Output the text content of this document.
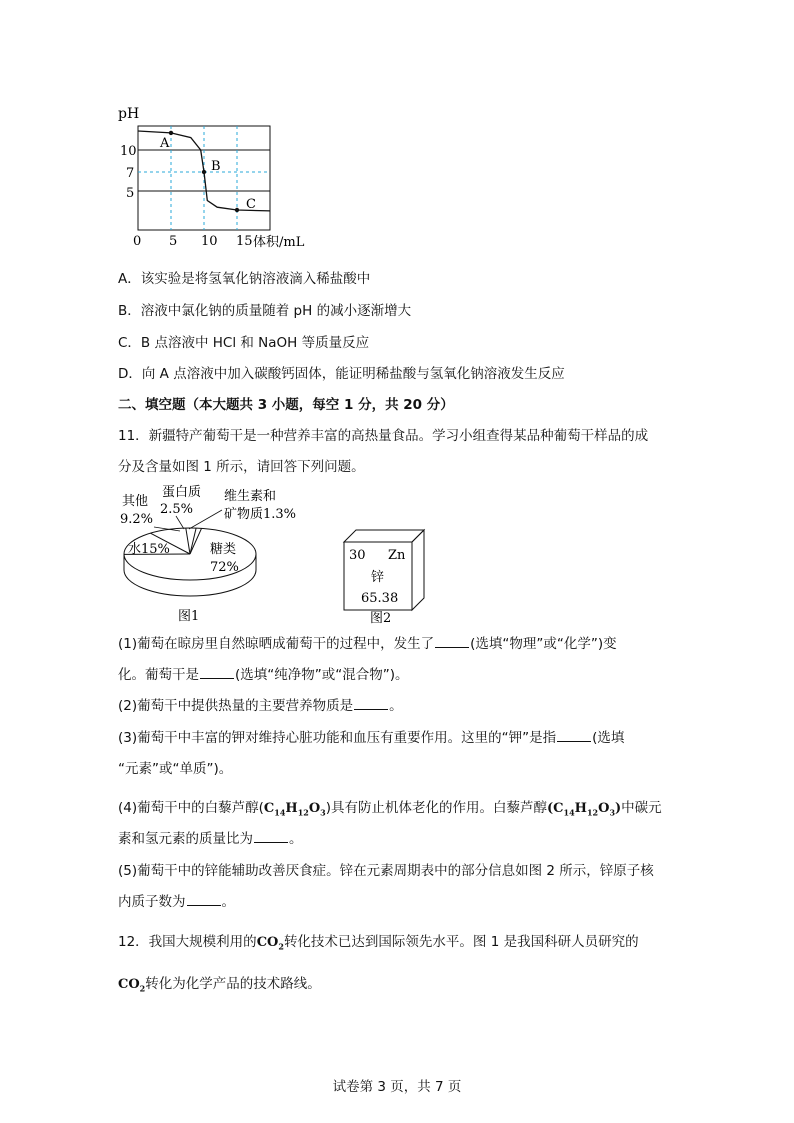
pH
10
7
5
0 5 10 15 体积/mL
A
B
C
A．该实验是将氢氧化钠溶液滴入稀盐酸中
B．溶液中氯化钠的质量随着 pH 的减小逐渐增大
C．B 点溶液中 HCl 和 NaOH 等质量反应
D．向 A 点溶液中加入碳酸钙固体，能证明稀盐酸与氢氧化钠溶液发生反应
二、填空题（本大题共 3 小题，每空 1 分，共 20 分）
11．新疆特产葡萄干是一种营养丰富的高热量食品。学习小组查得某品种葡萄干样品的成
分及含量如图 1 所示，请回答下列问题。
其他
9.2%
蛋白质
2.5%
维生素和
矿物质1.3%
水15%	糖类
72%
图1
30 Zn
锌
65.38
图2
(1)葡萄在晾房里自然晾晒成葡萄干的过程中，发生了	(选填“物理”或“化学”)变
化。葡萄干是	(选填“纯净物”或“混合物”)。
(2)葡萄干中提供热量的主要营养物质是	。
(3)葡萄干中丰富的钾对维持心脏功能和血压有重要作用。这里的“钾”是指	(选填
“元素”或“单质”)。
(4)葡萄干中的白藜芦醇$(C_{14}H_{12}O_3)$具有防止机体老化的作用。白藜芦醇$(C_{14}H_{12}O_3)$中碳元
素和氢元素的质量比为	。
(5)葡萄干中的锌能辅助改善厌食症。锌在元素周期表中的部分信息如图 2 所示，锌原子核
内质子数为	。
12．我国大规模利用的$CO_2$转化技术已达到国际领先水平。图 1 是我国科研人员研究的
$CO_2$转化为化学产品的技术路线。
试卷第 3 页，共 7 页
